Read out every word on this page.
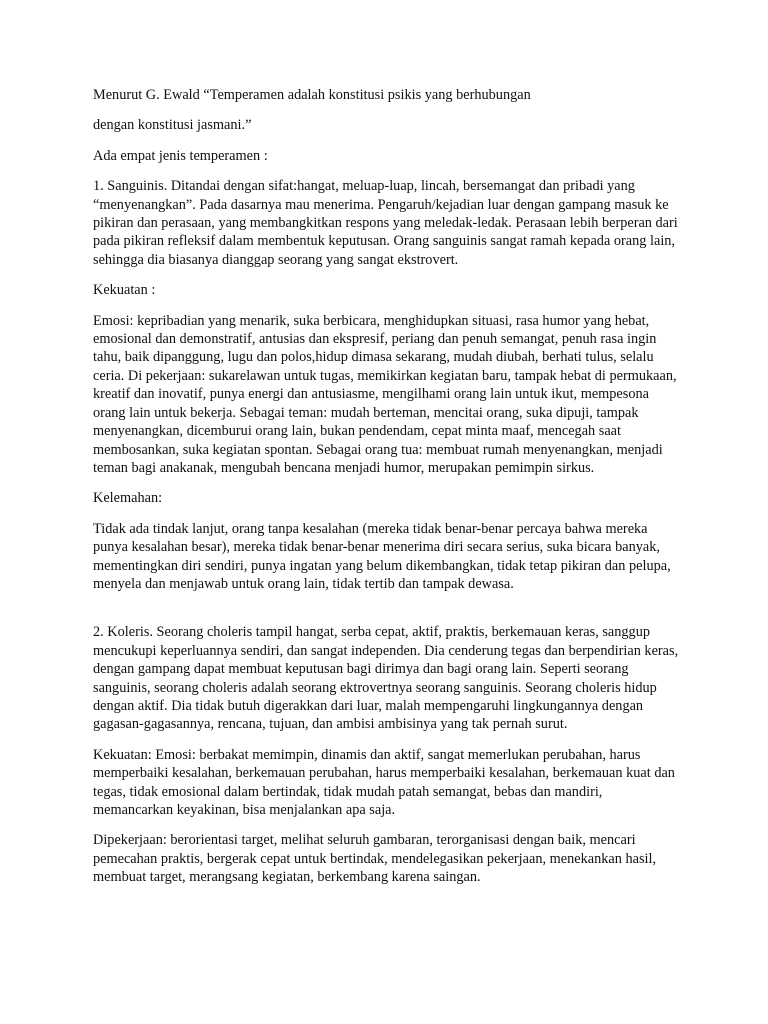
Menurut G. Ewald “Temperamen adalah konstitusi psikis yang berhubungan

dengan konstitusi jasmani.”

Ada empat jenis temperamen :

1. Sanguinis. Ditandai dengan sifat:hangat, meluap-luap, lincah, bersemangat dan pribadi yang “menyenangkan”. Pada dasarnya mau menerima. Pengaruh/kejadian luar dengan gampang masuk ke pikiran dan perasaan, yang membangkitkan respons yang meledak-ledak. Perasaan lebih berperan dari pada pikiran refleksif dalam membentuk keputusan. Orang sanguinis sangat ramah kepada orang lain, sehingga dia biasanya dianggap seorang yang sangat ekstrovert.

Kekuatan :

Emosi: kepribadian yang menarik, suka berbicara, menghidupkan situasi, rasa humor yang hebat, emosional dan demonstratif, antusias dan ekspresif, periang dan penuh semangat, penuh rasa ingin tahu, baik dipanggung, lugu dan polos,hidup dimasa sekarang, mudah diubah, berhati tulus, selalu ceria. Di pekerjaan: sukarelawan untuk tugas, memikirkan kegiatan baru, tampak hebat di permukaan, kreatif dan inovatif, punya energi dan antusiasme, mengilhami orang lain untuk ikut, mempesona orang lain untuk bekerja. Sebagai teman: mudah berteman, mencitai orang, suka dipuji, tampak menyenangkan, dicemburui orang lain, bukan pendendam, cepat minta maaf, mencegah saat membosankan, suka kegiatan spontan. Sebagai orang tua: membuat rumah menyenangkan, menjadi teman bagi anakanak, mengubah bencana menjadi humor, merupakan pemimpin sirkus.

Kelemahan:

Tidak ada tindak lanjut, orang tanpa kesalahan (mereka tidak benar-benar percaya bahwa mereka punya kesalahan besar), mereka tidak benar-benar menerima diri secara serius, suka bicara banyak, mementingkan diri sendiri, punya ingatan yang belum dikembangkan, tidak tetap pikiran dan pelupa, menyela dan menjawab untuk orang lain, tidak tertib dan tampak dewasa.

2. Koleris. Seorang choleris tampil hangat, serba cepat, aktif, praktis, berkemauan keras, sanggup mencukupi keperluannya sendiri, dan sangat independen. Dia cenderung tegas dan berpendirian keras, dengan gampang dapat membuat keputusan bagi dirimya dan bagi orang lain. Seperti seorang sanguinis, seorang choleris adalah seorang ektrovertnya seorang sanguinis. Seorang choleris hidup dengan aktif. Dia tidak butuh digerakkan dari luar, malah mempengaruhi lingkungannya dengan gagasan-gagasannya, rencana, tujuan, dan ambisi ambisinya yang tak pernah surut.

Kekuatan: Emosi: berbakat memimpin, dinamis dan aktif, sangat memerlukan perubahan, harus memperbaiki kesalahan, berkemauan perubahan, harus memperbaiki kesalahan, berkemauan kuat dan tegas, tidak emosional dalam bertindak, tidak mudah patah semangat, bebas dan mandiri, memancarkan keyakinan, bisa menjalankan apa saja.

Dipekerjaan: berorientasi target, melihat seluruh gambaran, terorganisasi dengan baik, mencari pemecahan praktis, bergerak cepat untuk bertindak, mendelegasikan pekerjaan, menekankan hasil, membuat target, merangsang kegiatan, berkembang karena saingan.
